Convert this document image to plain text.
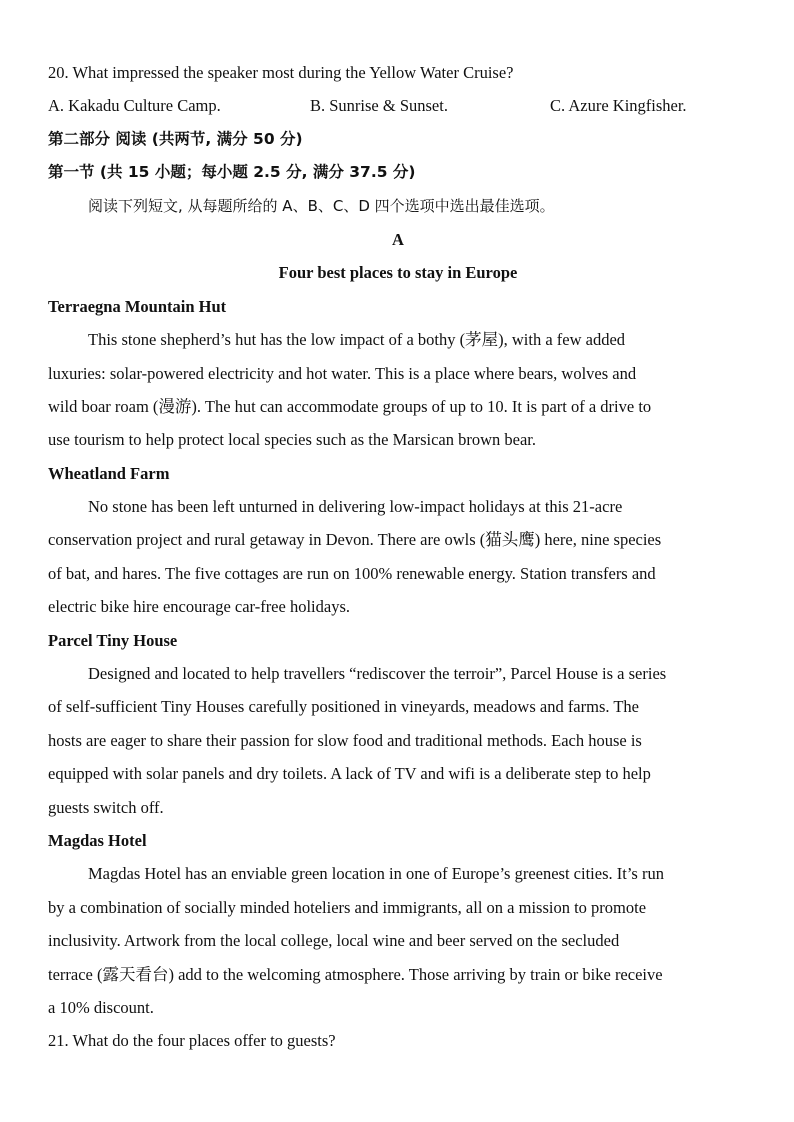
20. What impressed the speaker most during the Yellow Water Cruise?
A. Kakadu Culture Camp.	B. Sunrise & Sunset.	C. Azure Kingfisher.
第二部分 阅读 (共两节, 满分 50 分)
第一节 (共 15 小题；每小题 2.5 分, 满分 37.5 分)
阅读下列短文, 从每题所给的 A、B、C、D 四个选项中选出最佳选项。
A
Four best places to stay in Europe
Terraegna Mountain Hut
This stone shepherd’s hut has the low impact of a bothy (茅屋), with a few added
luxuries: solar-powered electricity and hot water. This is a place where bears, wolves and
wild boar roam (漫游). The hut can accommodate groups of up to 10. It is part of a drive to
use tourism to help protect local species such as the Marsican brown bear.
Wheatland Farm
No stone has been left unturned in delivering low-impact holidays at this 21-acre
conservation project and rural getaway in Devon. There are owls (猫头鹰) here, nine species
of bat, and hares. The five cottages are run on 100% renewable energy. Station transfers and
electric bike hire encourage car-free holidays.
Parcel Tiny House
Designed and located to help travellers “rediscover the terroir”, Parcel House is a series
of self-sufficient Tiny Houses carefully positioned in vineyards, meadows and farms. The
hosts are eager to share their passion for slow food and traditional methods. Each house is
equipped with solar panels and dry toilets. A lack of TV and wifi is a deliberate step to help
guests switch off.
Magdas Hotel
Magdas Hotel has an enviable green location in one of Europe’s greenest cities. It’s run
by a combination of socially minded hoteliers and immigrants, all on a mission to promote
inclusivity. Artwork from the local college, local wine and beer served on the secluded
terrace (露天看台) add to the welcoming atmosphere. Those arriving by train or bike receive
a 10% discount.
21. What do the four places offer to guests?
